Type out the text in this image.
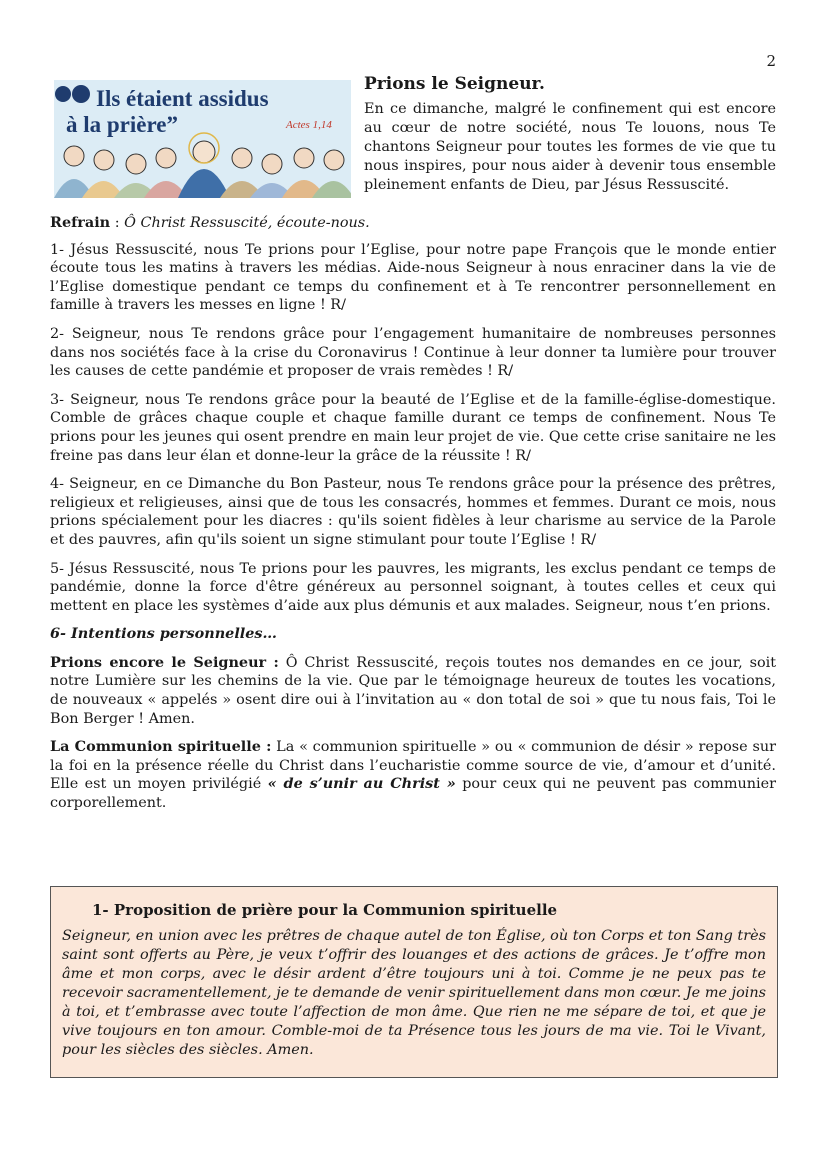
2
Ils étaient assidus
à la prière”	Actes 1,14
Prions le Seigneur.

En ce dimanche, malgré le confinement qui est encore au cœur de notre société, nous Te louons, nous Te chantons Seigneur pour toutes les formes de vie que tu nous inspires, pour nous aider à devenir tous ensemble pleinement enfants de Dieu, par Jésus Ressuscité.

Refrain : Ô Christ Ressuscité, écoute-nous.

1- Jésus Ressuscité, nous Te prions pour l’Eglise, pour notre pape François que le monde entier écoute tous les matins à travers les médias. Aide-nous Seigneur à nous enraciner dans la vie de l’Eglise domestique pendant ce temps du confinement et à Te rencontrer personnellement en famille à travers les messes en ligne ! R/

2- Seigneur, nous Te rendons grâce pour l’engagement humanitaire de nombreuses personnes dans nos sociétés face à la crise du Coronavirus ! Continue à leur donner ta lumière pour trouver les causes de cette pandémie et proposer de vrais remèdes ! R/

3- Seigneur, nous Te rendons grâce pour la beauté de l’Eglise et de la famille-église-domestique. Comble de grâces chaque couple et chaque famille durant ce temps de confinement. Nous Te prions pour les jeunes qui osent prendre en main leur projet de vie. Que cette crise sanitaire ne les freine pas dans leur élan et donne-leur la grâce de la réussite ! R/

4- Seigneur, en ce Dimanche du Bon Pasteur, nous Te rendons grâce pour la présence des prêtres, religieux et religieuses, ainsi que de tous les consacrés, hommes et femmes. Durant ce mois, nous prions spécialement pour les diacres : qu'ils soient fidèles à leur charisme au service de la Parole et des pauvres, afin qu'ils soient un signe stimulant pour toute l’Eglise ! R/

5- Jésus Ressuscité, nous Te prions pour les pauvres, les migrants, les exclus pendant ce temps de pandémie, donne la force d'être généreux au personnel soignant, à toutes celles et ceux qui mettent en place les systèmes d’aide aux plus démunis et aux malades. Seigneur, nous t’en prions.

6- Intentions personnelles…

Prions encore le Seigneur : Ô Christ Ressuscité, reçois toutes nos demandes en ce jour, soit notre Lumière sur les chemins de la vie. Que par le témoignage heureux de toutes les vocations, de nouveaux « appelés » osent dire oui à l’invitation au « don total de soi » que tu nous fais, Toi le Bon Berger ! Amen.

La Communion spirituelle : La « communion spirituelle » ou « communion de désir » repose sur la foi en la présence réelle du Christ dans l’eucharistie comme source de vie, d’amour et d’unité. Elle est un moyen privilégié « de s’unir au Christ » pour ceux qui ne peuvent pas communier corporellement.

1- Proposition de prière pour la Communion spirituelle

Seigneur, en union avec les prêtres de chaque autel de ton Église, où ton Corps et ton Sang très saint sont offerts au Père, je veux t’offrir des louanges et des actions de grâces. Je t’offre mon âme et mon corps, avec le désir ardent d’être toujours uni à toi. Comme je ne peux pas te recevoir sacramentellement, je te demande de venir spirituellement dans mon cœur. Je me joins à toi, et t’embrasse avec toute l’affection de mon âme. Que rien ne me sépare de toi, et que je vive toujours en ton amour. Comble-moi de ta Présence tous les jours de ma vie. Toi le Vivant, pour les siècles des siècles. Amen.
